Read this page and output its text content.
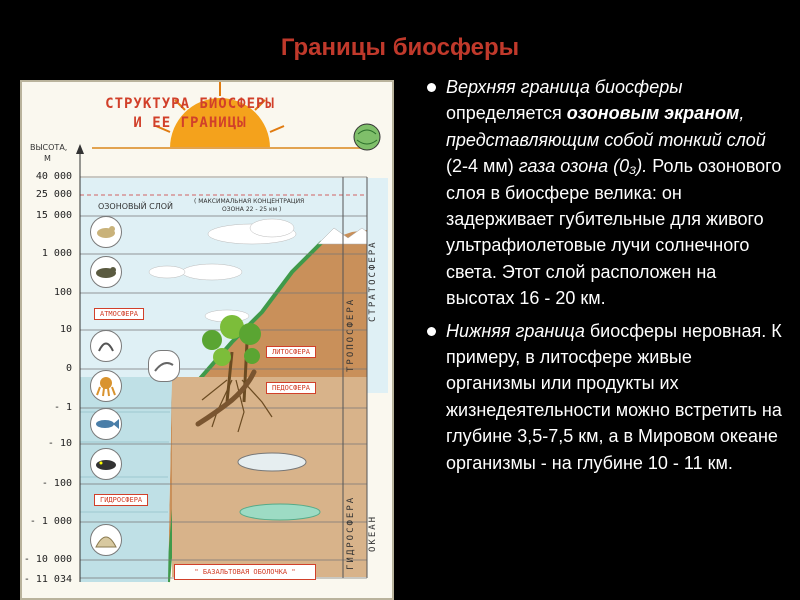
Границы биосферы
СТРУКТУРА БИОСФЕРЫ
И ЕЕ ГРАНИЦЫ
ВЫСОТА,
М
40 000
25 000
15 000
1 000
100
10
0
- 1
- 10
- 100
- 1 000
- 10 000
- 11 034
ОЗОНОВЫЙ СЛОЙ
( МАКСИМАЛЬНАЯ КОНЦЕНТРАЦИЯ
ОЗОНА 22 - 25 км )
АТМОСФЕРА
ЛИТОСФЕРА
ПЕДОСФЕРА
ГИДРОСФЕРА
ТРОПОСФЕРА
СТРАТОСФЕРА
ГИДРОСФЕРА ОКЕАН
" БАЗАЛЬТОВАЯ ОБОЛОЧКА "

Верхняя граница биосферы определяется озоновым экраном, представляющим собой тонкий слой (2-4 мм) газа озона (0₃). Роль озонового слоя в биосфере велика: он задерживает губительные для живого ультрафиолетовые лучи солнечного света. Этот слой расположен на высотах 16 - 20 км.

Нижняя граница биосферы неровная. К примеру, в литосфере живые организмы или продукты их жизнедеятельности можно встретить на глубине 3,5-7,5 км, а в Мировом океане организмы - на глубине 10 - 11 км.
